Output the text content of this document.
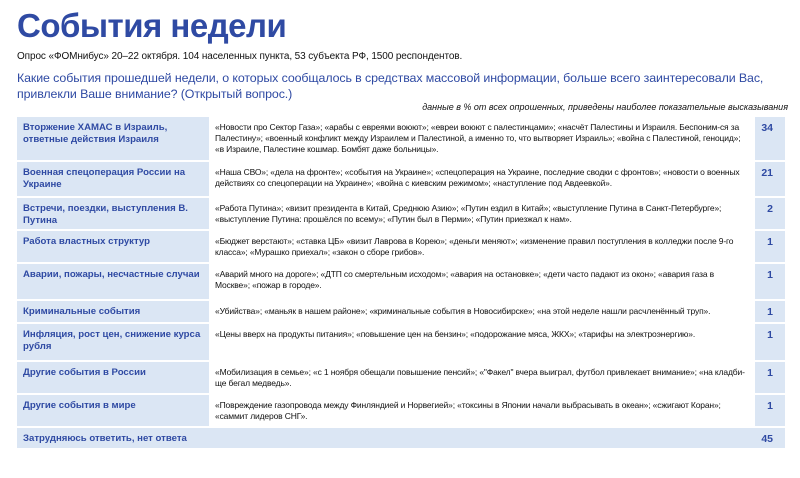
События недели
Опрос «ФОМнибус» 20–22 октября. 104 населенных пункта, 53 субъекта РФ, 1500 респондентов.
Какие события прошедшей недели, о которых сообщалось в средствах массовой информации, больше всего заинтересовали Вас, привлекли Ваше внимание? (Открытый вопрос.)
данные в % от всех опрошенных, приведены наиболее показательные высказывания
Вторжение ХАМАС в Израиль, ответные действия Израиля	«Новости про Сектор Газа»; «арабы с евреями воюют»; «евреи воюют с палестинцами»; «насчёт Палестины и Израиля. Беспоним-ся за Палестину»; «военный конфликт между Израилем и Палестиной, а именно то, что вытворяет Израиль»; «война с Палестиной, геноцид»; «в Израиле, Палестине кошмар. Бомбят даже больницы».	34
Военная спецоперация России на Украине	«Наша СВО»; «дела на фронте»; «события на Украине»; «спецоперация на Украине, последние сводки с фронтов»; «новости о военных действиях со спецоперации на Украине»; «война с киевским режимом»; «наступление под Авдеевкой».	21
Встречи, поездки, выступления В. Путина	«Работа Путина»; «визит президента в Китай, Среднюю Азию»; «Путин ездил в Китай»; «выступление Путина в Санкт-Петербурге»; «выступление Путина: прошёлся по всему»; «Путин был в Перми»; «Путин приезжал к нам».	2
Работа властных структур	«Бюджет верстают»; «ставка ЦБ» «визит Лаврова в Корею»; «деньги меняют»; «изменение правил поступления в колледжи после 9-го класса»; «Мурашко приехал»; «закон о сборе грибов».	1
Аварии, пожары, несчастные случаи	«Аварий много на дороге»; «ДТП со смертельным исходом»; «авария на остановке»; «дети часто падают из окон»; «авария газа в Москве»; «пожар в городе».	1
Криминальные события	«Убийства»; «маньяк в нашем районе»; «криминальные события в Новосибирске»; «на этой неделе нашли расчленённый труп».	1
Инфляция, рост цен, снижение курса рубля	«Цены вверх на продукты питания»; «повышение цен на бензин»; «подорожание мяса, ЖКХ»; «тарифы на электроэнергию».	1
Другие события в России	«Мобилизация в семье»; «с 1 ноября обещали повышение пенсий»; «"Факел" вчера выиграл, футбол привлекает внимание»; «на кладби-ще бегал медведь».	1
Другие события в мире	«Повреждение газопровода между Финляндией и Норвегией»; «токсины в Японии начали выбрасывать в океан»; «сжигают Коран»; «саммит лидеров СНГ».	1
Затрудняюсь ответить, нет ответа		45
